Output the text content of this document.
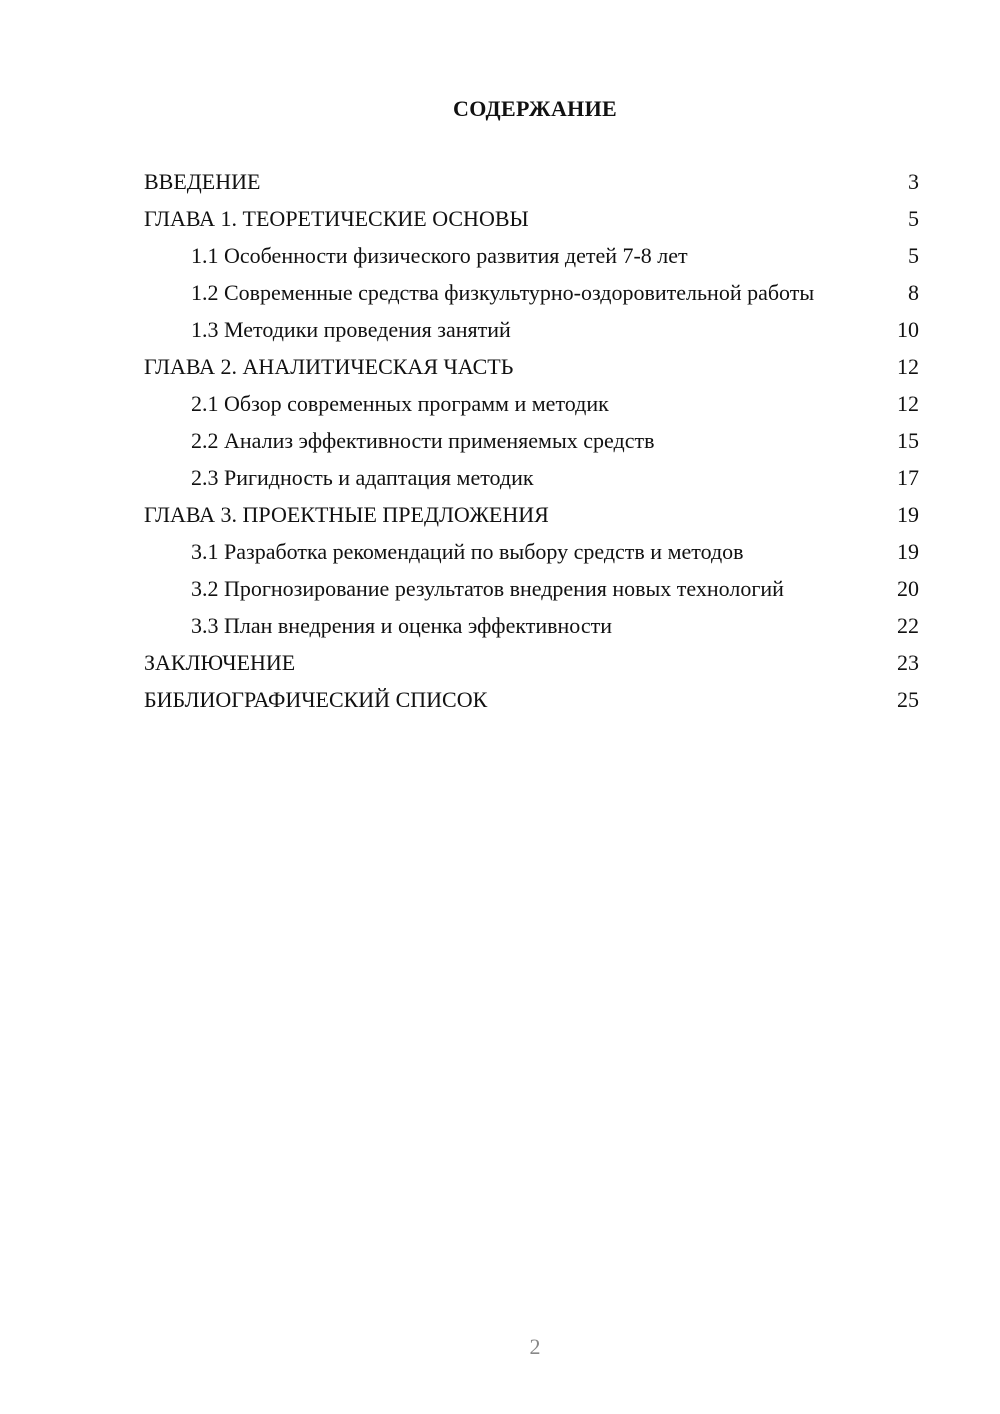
СОДЕРЖАНИЕ
ВВЕДЕНИЕ	3
ГЛАВА 1. ТЕОРЕТИЧЕСКИЕ ОСНОВЫ	5
1.1 Особенности физического развития детей 7-8 лет	5
1.2 Современные средства физкультурно-оздоровительной работы	8
1.3 Методики проведения занятий	10
ГЛАВА 2. АНАЛИТИЧЕСКАЯ ЧАСТЬ	12
2.1 Обзор современных программ и методик	12
2.2 Анализ эффективности применяемых средств	15
2.3 Ригидность и адаптация методик	17
ГЛАВА 3. ПРОЕКТНЫЕ ПРЕДЛОЖЕНИЯ	19
3.1 Разработка рекомендаций по выбору средств и методов	19
3.2 Прогнозирование результатов внедрения новых технологий	20
3.3 План внедрения и оценка эффективности	22
ЗАКЛЮЧЕНИЕ	23
БИБЛИОГРАФИЧЕСКИЙ СПИСОК	25
2
